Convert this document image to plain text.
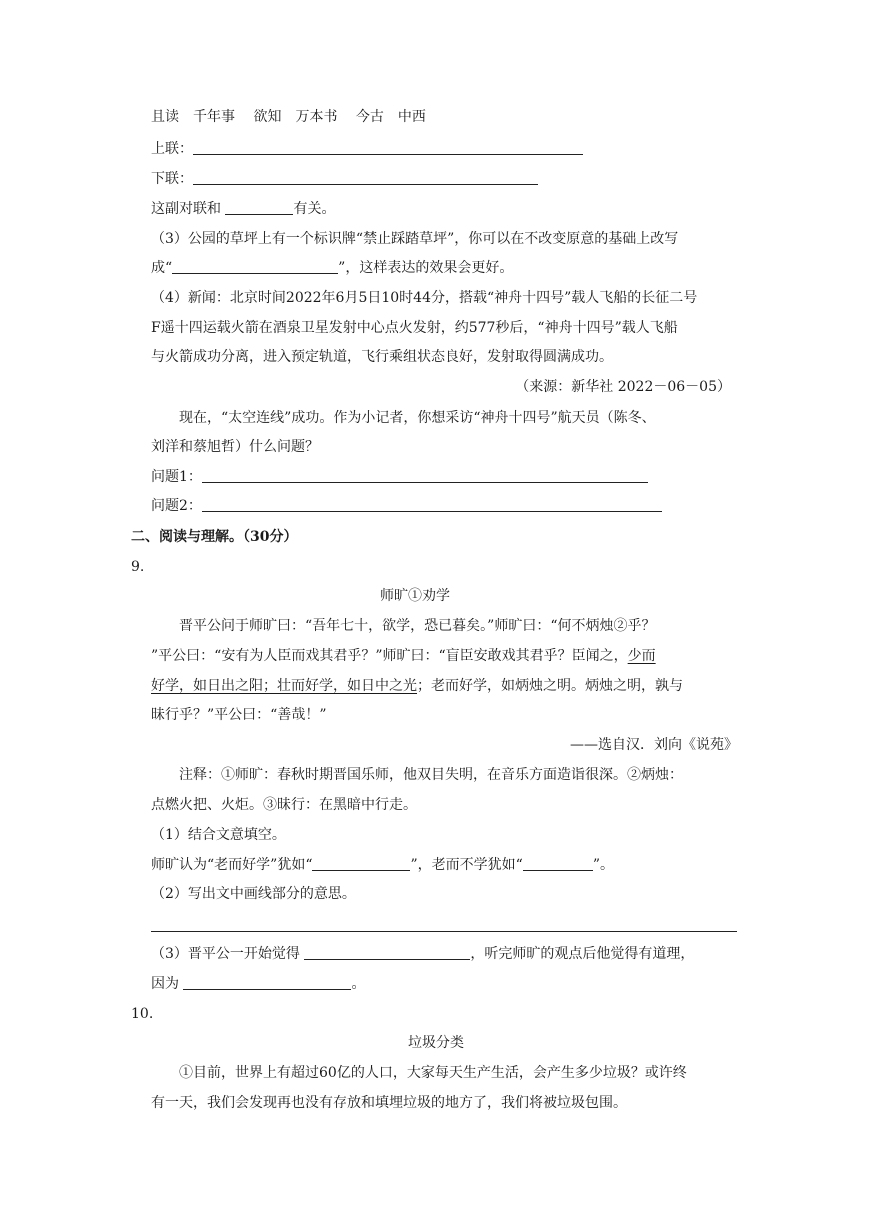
且读　千年事　 欲知　万本书　 今古　中西
上联：
下联：
这副对联和	有关。
（3）公园的草坪上有一个标识牌“禁止踩踏草坪”，你可以在不改变原意的基础上改写
成“	”，这样表达的效果会更好。
（4）新闻：北京时间2022年6月5日10时44分，搭载“神舟十四号”载人飞船的长征二号
F遥十四运载火箭在酒泉卫星发射中心点火发射，约577秒后，“神舟十四号”载人飞船
与火箭成功分离，进入预定轨道，飞行乘组状态良好，发射取得圆满成功。
（来源：新华社 2022－06－05）
现在，“太空连线”成功。作为小记者，你想采访“神舟十四号”航天员（陈冬、
刘洋和蔡旭哲）什么问题？
问题1：
问题2：
二、阅读与理解。（30分）
9.
师旷①劝学
晋平公问于师旷曰：“吾年七十，欲学，恐已暮矣。”师旷曰：“何不炳烛②乎？
”平公曰：“安有为人臣而戏其君乎？”师旷曰：“盲臣安敢戏其君乎？臣闻之，少而
好学，如日出之阳；壮而好学，如日中之光；老而好学，如炳烛之明。炳烛之明，孰与
昧行乎？”平公曰：“善哉！”
——选自汉．刘向《说苑》
注释：①师旷：春秋时期晋国乐师，他双目失明，在音乐方面造诣很深。②炳烛：
点燃火把、火炬。③昧行：在黑暗中行走。
（1）结合文意填空。
师旷认为“老而好学”犹如“	”，老而不学犹如“	”。
（2）写出文中画线部分的意思。
（3）晋平公一开始觉得	，听完师旷的观点后他觉得有道理，
因为	。
10.
垃圾分类
①目前，世界上有超过60亿的人口，大家每天生产生活，会产生多少垃圾？或许终
有一天，我们会发现再也没有存放和填埋垃圾的地方了，我们将被垃圾包围。
